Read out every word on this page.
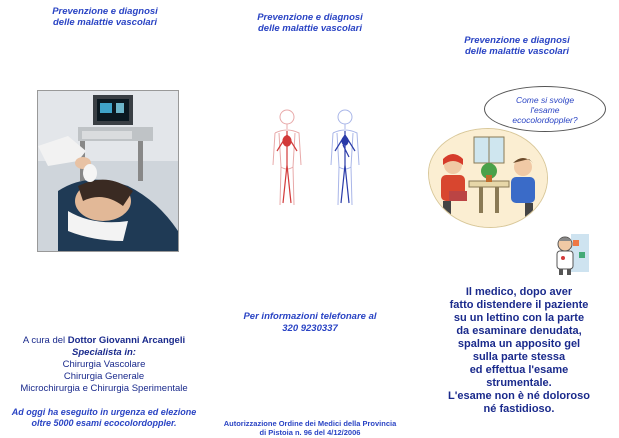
Prevenzione e diagnosi
delle malattie vascolari
A cura del Dottor Giovanni Arcangeli
Specialista in:
Chirurgia Vascolare
Chirurgia Generale
Microchirurgia e Chirurgia Sperimentale
Ad oggi ha eseguito in urgenza ed elezione
oltre 5000 esami ecocolordoppler.
Prevenzione e diagnosi
delle malattie vascolari
Per informazioni telefonare al
320 9230337
Autorizzazione Ordine dei Medici della Provincia
di Pistoia n. 96 del 4/12/2006
Prevenzione e diagnosi
delle malattie vascolari
Come si svolge
l'esame
ecocolordoppler?
Il medico, dopo aver
fatto distendere il paziente
su un lettino con la parte
da esaminare denudata,
spalma un apposito gel
sulla parte stessa
ed effettua l'esame
strumentale.
L'esame non è né doloroso
né fastidioso.
